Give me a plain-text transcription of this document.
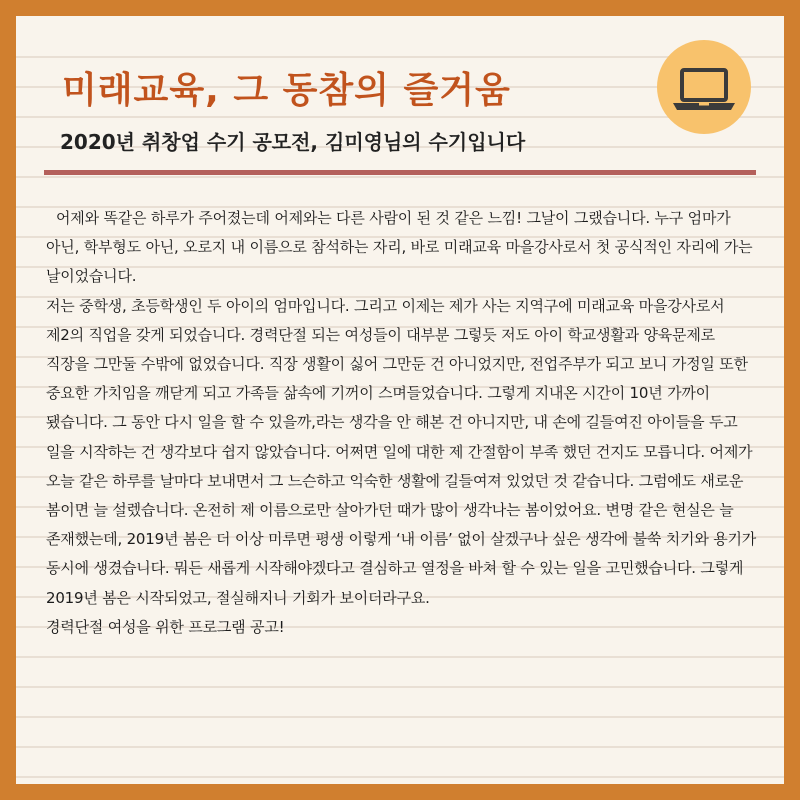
미래교육, 그 동참의 즐거움
2020년 취창업 수기 공모전, 김미영님의 수기입니다

어제와 똑같은 하루가 주어졌는데 어제와는 다른 사람이 된 것 같은 느낌! 그날이 그랬습니다. 누구 엄마가 아닌, 학부형도 아닌, 오로지 내 이름으로 참석하는 자리, 바로 미래교육 마을강사로서 첫 공식적인 자리에 가는 날이었습니다.

저는 중학생, 초등학생인 두 아이의 엄마입니다. 그리고 이제는 제가 사는 지역구에 미래교육 마을강사로서 제2의 직업을 갖게 되었습니다. 경력단절 되는 여성들이 대부분 그렇듯 저도 아이 학교생활과 양육문제로 직장을 그만둘 수밖에 없었습니다. 직장 생활이 싫어 그만둔 건 아니었지만, 전업주부가 되고 보니 가정일 또한 중요한 가치임을 깨닫게 되고 가족들 삶속에 기꺼이 스며들었습니다. 그렇게 지내온 시간이 10년 가까이 됐습니다. 그 동안 다시 일을 할 수 있을까,라는 생각을 안 해본 건 아니지만, 내 손에 길들여진 아이들을 두고 일을 시작하는 건 생각보다 쉽지 않았습니다. 어쩌면 일에 대한 제 간절함이 부족 했던 건지도 모릅니다. 어제가 오늘 같은 하루를 날마다 보내면서 그 느슨하고 익숙한 생활에 길들여져 있었던 것 같습니다. 그럼에도 새로운 봄이면 늘 설렜습니다. 온전히 제 이름으로만 살아가던 때가 많이 생각나는 봄이었어요. 변명 같은 현실은 늘 존재했는데, 2019년 봄은 더 이상 미루면 평생 이렇게 ‘내 이름’ 없이 살겠구나 싶은 생각에 불쑥 치기와 용기가 동시에 생겼습니다. 뭐든 새롭게 시작해야겠다고 결심하고 열정을 바쳐 할 수 있는 일을 고민했습니다. 그렇게 2019년 봄은 시작되었고, 절실해지니 기회가 보이더라구요.

경력단절 여성을 위한 프로그램 공고!
